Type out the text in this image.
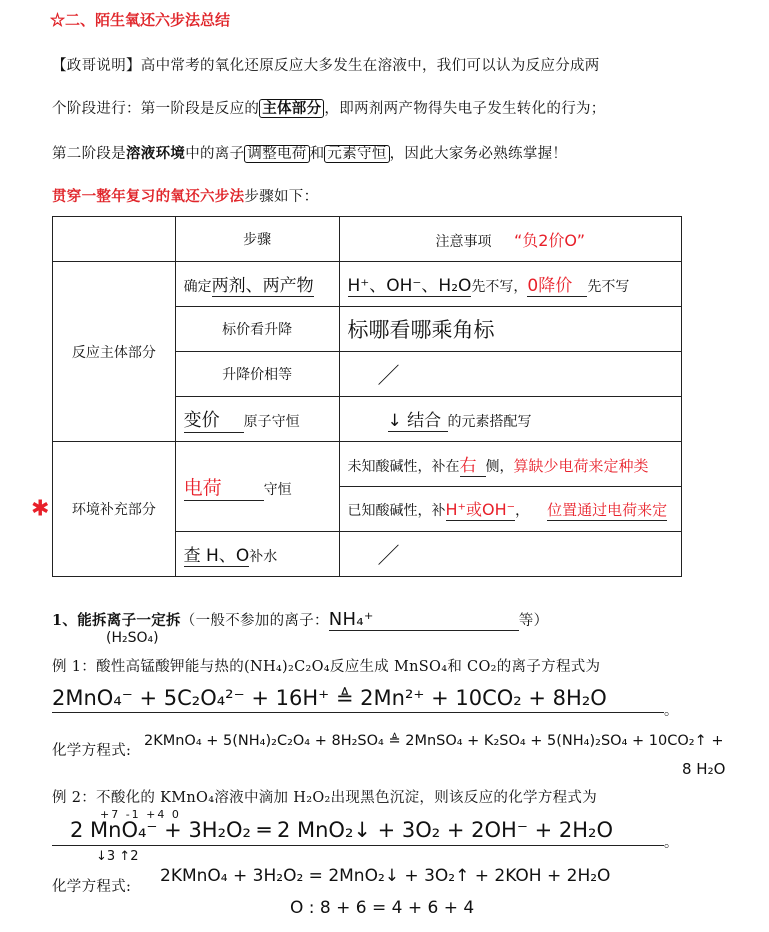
☆二、陌生氧还六步法总结
【政哥说明】高中常考的氧化还原反应大多发生在溶液中，我们可以认为反应分成两
个阶段进行：第一阶段是反应的 主体部分 ，即两剂两产物得失电子发生转化的行为；
第二阶段是溶液环境中的离子 调整电荷 和 元素守恒 ，因此大家务必熟练掌握！
贯穿一整年复习的氧还六步法步骤如下：
	步骤	注意事项 “负2价O”
反应主体部分	确定两剂、两产物	H⁺、OH⁻、H₂O先不写，0降价 先不写
	标价看升降	标哪看哪乘角标
	升降价相等	／
	变价 原子守恒	↓ 结合 的元素搭配写

✱ 环境补充部分	电荷 守恒	未知酸碱性，补在右 侧，算缺少电荷来定种类
		已知酸碱性，补H⁺或OH⁻， 位置通过电荷来定
	查 H、O补水	／
1、能拆离子一定拆（一般不参加的离子：NH₄⁺	等）
(H₂SO₄)
例 1：酸性高锰酸钾能与热的(NH₄)₂C₂O₄反应生成 MnSO₄和 CO₂的离子方程式为
2MnO₄⁻ + 5C₂O₄²⁻ + 16H⁺ ≜ 2Mn²⁺ + 10CO₂ + 8H₂O
。
化学方程式:
2KMnO₄ + 5(NH₄)₂C₂O₄ + 8H₂SO₄ ≜ 2MnSO₄ + K₂SO₄ + 5(NH₄)₂SO₄ + 10CO₂↑ +
8 H₂O
例 2：不酸化的 KMnO₄溶液中滴加 H₂O₂出现黑色沉淀，则该反应的化学方程式为
+7 -1 +4 0
2 MnO₄⁻ + 3H₂O₂ ═ 2 MnO₂↓ + 3O₂ + 2OH⁻ + 2H₂O
。
↓3 ↑2
化学方程式:
2KMnO₄ + 3H₂O₂ = 2MnO₂↓ + 3O₂↑ + 2KOH + 2H₂O
O : 8 + 6 = 4 + 6 + 4
